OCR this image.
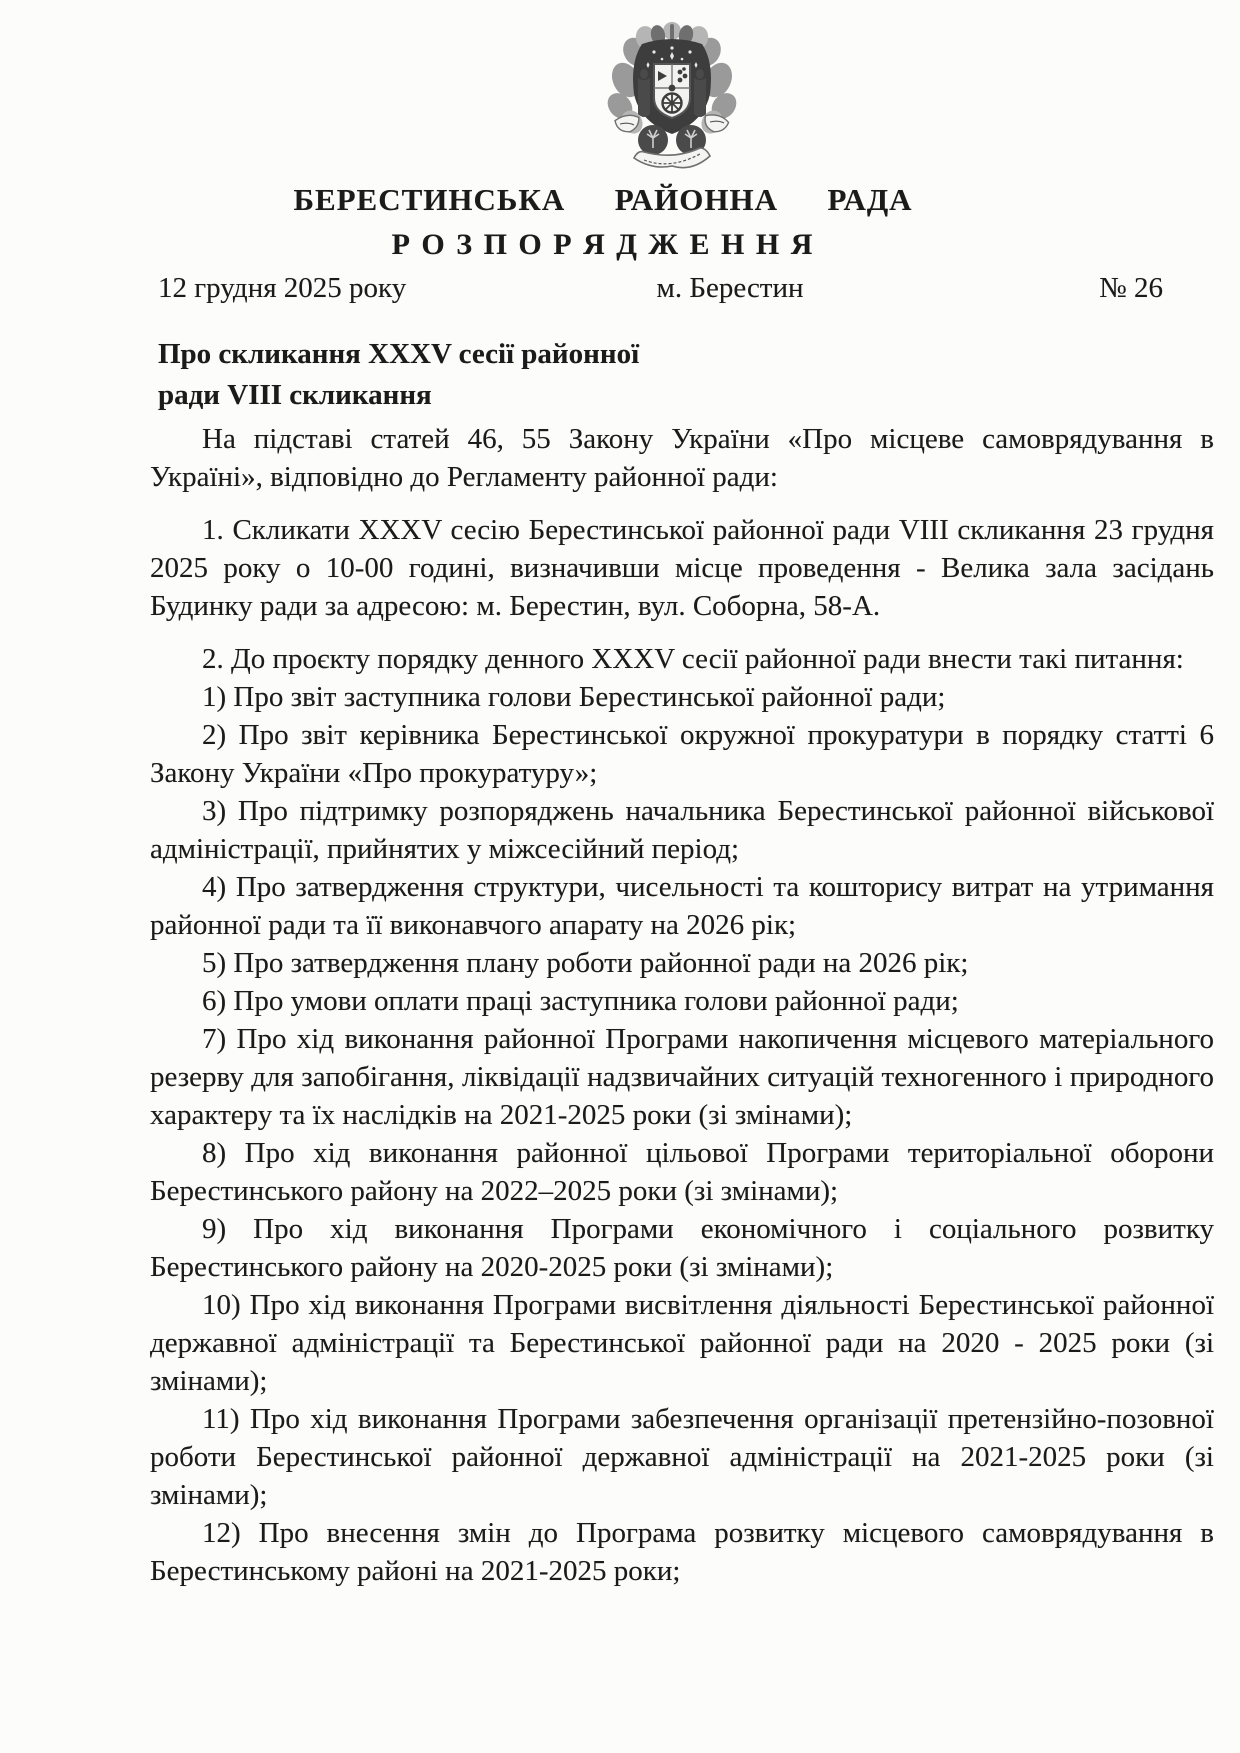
БЕРЕСТИНСЬКА  РАЙОННА  РАДА
Р О З П О Р Я Д Ж Е Н Н Я
12 грудня 2025 року	м. Берестин	№ 26
Про скликання XXXV сесії районної
ради VIII скликання

На підставі статей 46, 55 Закону України «Про місцеве самоврядування в Україні», відповідно до Регламенту районної ради:

1. Скликати XXXV сесію Берестинської районної ради VIII скликання 23 грудня 2025 року о 10-00 годині, визначивши місце проведення - Велика зала засідань Будинку ради за адресою: м. Берестин, вул. Соборна, 58-А.

2. До проєкту порядку денного XXXV сесії районної ради внести такі питання:

1) Про звіт заступника голови Берестинської районної ради;

2) Про звіт керівника Берестинської окружної прокуратури в порядку статті 6 Закону України «Про прокуратуру»;

3) Про підтримку розпоряджень начальника Берестинської районної військової адміністрації, прийнятих у міжсесійний період;

4) Про затвердження структури, чисельності та кошторису витрат на утримання районної ради та її виконавчого апарату на 2026 рік;

5) Про затвердження плану роботи районної ради на 2026 рік;

6) Про умови оплати праці заступника голови районної ради;

7) Про хід виконання районної Програми накопичення місцевого матеріального резерву для запобігання, ліквідації надзвичайних ситуацій техногенного і природного характеру та їх наслідків на 2021-2025 роки (зі змінами);

8) Про хід виконання районної цільової Програми територіальної оборони Берестинського району на 2022–2025 роки (зі змінами);

9) Про хід виконання Програми економічного і соціального розвитку Берестинського району на 2020-2025 роки (зі змінами);

10) Про хід виконання Програми висвітлення діяльності Берестинської районної державної адміністрації та Берестинської районної ради на 2020 - 2025 роки (зі змінами);

11) Про хід виконання Програми забезпечення організації претензійно-позовної роботи Берестинської районної державної адміністрації на 2021-2025 роки (зі змінами);

12) Про внесення змін до Програма розвитку місцевого самоврядування в Берестинському районі на 2021-2025 роки;
